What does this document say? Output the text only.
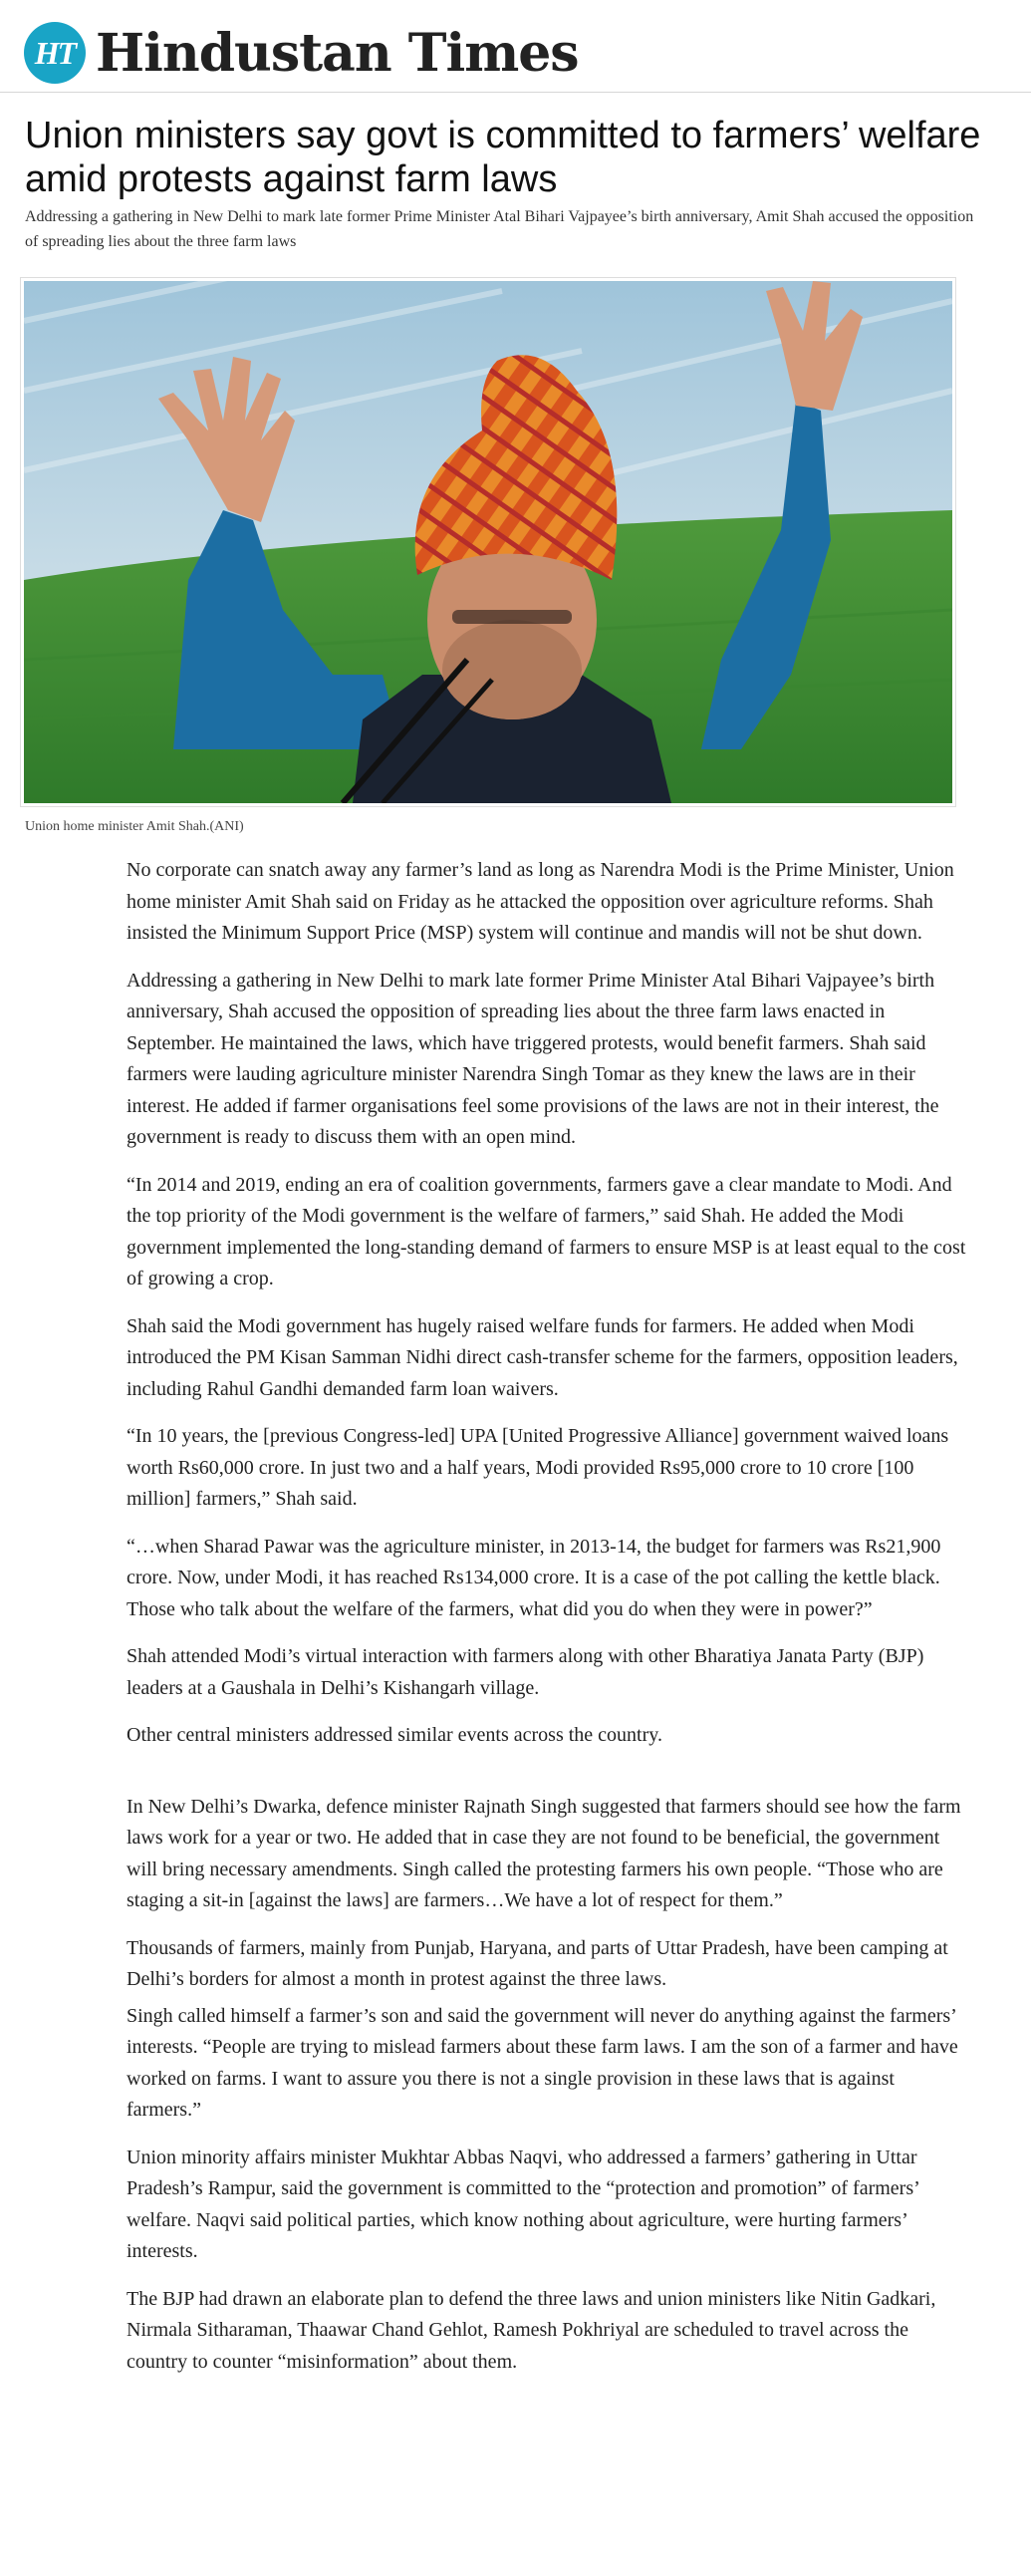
HT Hindustan Times
Union ministers say govt is committed to farmers’ welfare amid protests against farm laws

Addressing a gathering in New Delhi to mark late former Prime Minister Atal Bihari Vajpayee’s birth anniversary, Amit Shah accused the opposition of spreading lies about the three farm laws

Union home minister Amit Shah.(ANI)

No corporate can snatch away any farmer’s land as long as Narendra Modi is the Prime Minister, Union home minister Amit Shah said on Friday as he attacked the opposition over agriculture reforms. Shah insisted the Minimum Support Price (MSP) system will continue and mandis will not be shut down.

Addressing a gathering in New Delhi to mark late former Prime Minister Atal Bihari Vajpayee’s birth anniversary, Shah accused the opposition of spreading lies about the three farm laws enacted in September. He maintained the laws, which have triggered protests, would benefit farmers. Shah said farmers were lauding agriculture minister Narendra Singh Tomar as they knew the laws are in their interest. He added if farmer organisations feel some provisions of the laws are not in their interest, the government is ready to discuss them with an open mind.

“In 2014 and 2019, ending an era of coalition governments, farmers gave a clear mandate to Modi. And the top priority of the Modi government is the welfare of farmers,” said Shah. He added the Modi government implemented the long-standing demand of farmers to ensure MSP is at least equal to the cost of growing a crop.

Shah said the Modi government has hugely raised welfare funds for farmers. He added when Modi introduced the PM Kisan Samman Nidhi direct cash-transfer scheme for the farmers, opposition leaders, including Rahul Gandhi demanded farm loan waivers.

“In 10 years, the [previous Congress-led] UPA [United Progressive Alliance] government waived loans worth Rs60,000 crore. In just two and a half years, Modi provided Rs95,000 crore to 10 crore [100 million] farmers,” Shah said.

“…when Sharad Pawar was the agriculture minister, in 2013-14, the budget for farmers was Rs21,900 crore. Now, under Modi, it has reached Rs134,000 crore. It is a case of the pot calling the kettle black. Those who talk about the welfare of the farmers, what did you do when they were in power?”

Shah attended Modi’s virtual interaction with farmers along with other Bharatiya Janata Party (BJP) leaders at a Gaushala in Delhi’s Kishangarh village.

Other central ministers addressed similar events across the country.

In New Delhi’s Dwarka, defence minister Rajnath Singh suggested that farmers should see how the farm laws work for a year or two. He added that in case they are not found to be beneficial, the government will bring necessary amendments. Singh called the protesting farmers his own people. “Those who are staging a sit-in [against the laws] are farmers…We have a lot of respect for them.”

Thousands of farmers, mainly from Punjab, Haryana, and parts of Uttar Pradesh, have been camping at Delhi’s borders for almost a month in protest against the three laws.

Singh called himself a farmer’s son and said the government will never do anything against the farmers’ interests. “People are trying to mislead farmers about these farm laws. I am the son of a farmer and have worked on farms. I want to assure you there is not a single provision in these laws that is against farmers.”

Union minority affairs minister Mukhtar Abbas Naqvi, who addressed a farmers’ gathering in Uttar Pradesh’s Rampur, said the government is committed to the “protection and promotion” of farmers’ welfare. Naqvi said political parties, which know nothing about agriculture, were hurting farmers’ interests.

The BJP had drawn an elaborate plan to defend the three laws and union ministers like Nitin Gadkari, Nirmala Sitharaman, Thaawar Chand Gehlot, Ramesh Pokhriyal are scheduled to travel across the country to counter “misinformation” about them.
